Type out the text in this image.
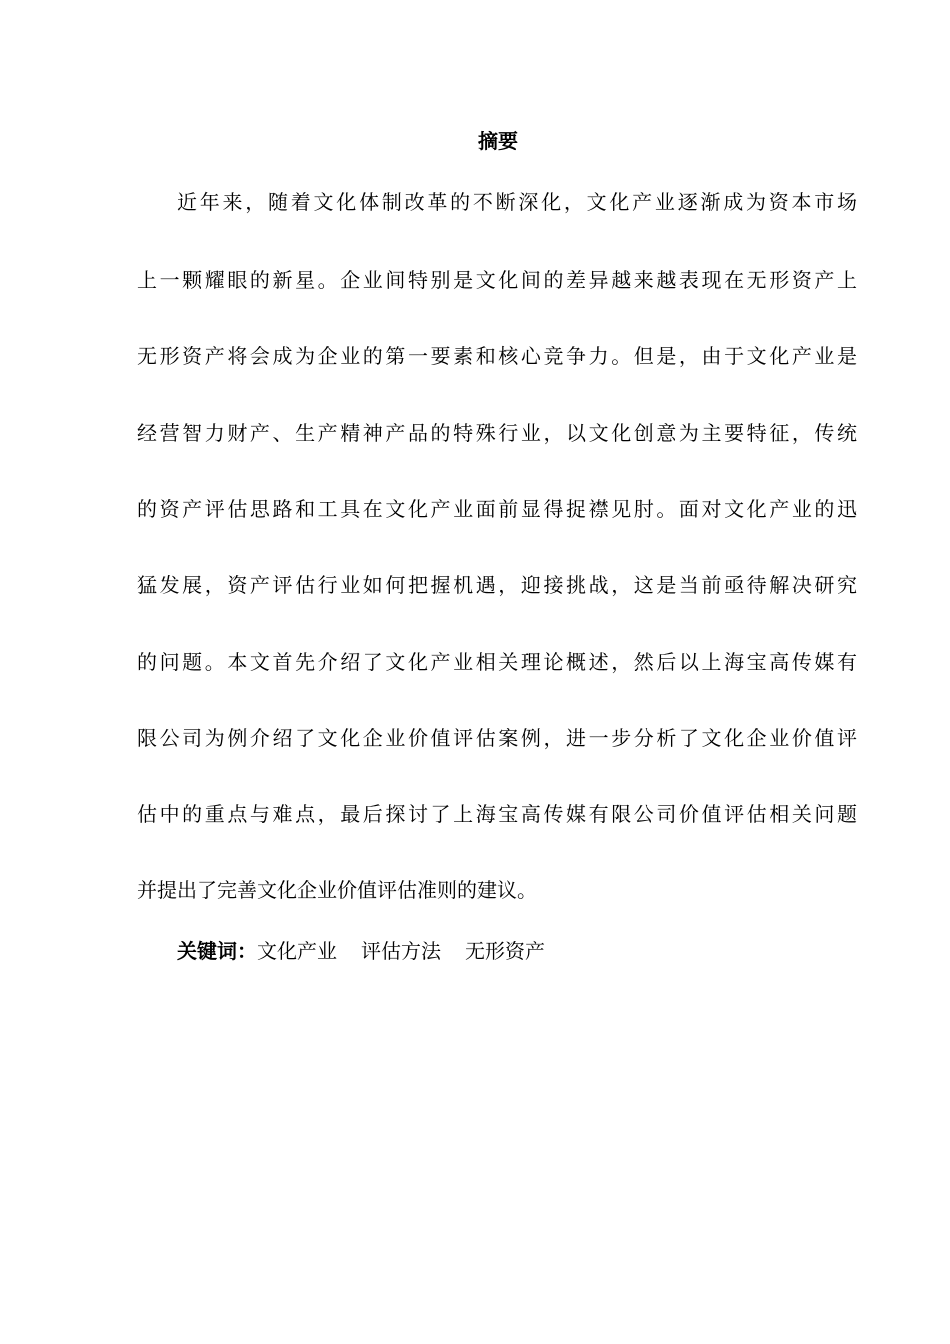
摘要
近年来，随着文化体制改革的不断深化，文化产业逐渐成为资本市场
上一颗耀眼的新星。企业间特别是文化间的差异越来越表现在无形资产上
无形资产将会成为企业的第一要素和核心竞争力。但是，由于文化产业是
经营智力财产、生产精神产品的特殊行业，以文化创意为主要特征，传统
的资产评估思路和工具在文化产业面前显得捉襟见肘。面对文化产业的迅
猛发展，资产评估行业如何把握机遇，迎接挑战，这是当前亟待解决研究
的问题。本文首先介绍了文化产业相关理论概述，然后以上海宝高传媒有
限公司为例介绍了文化企业价值评估案例，进一步分析了文化企业价值评
估中的重点与难点，最后探讨了上海宝高传媒有限公司价值评估相关问题
并提出了完善文化企业价值评估准则的建议。
关键词：文化产业 评估方法 无形资产
